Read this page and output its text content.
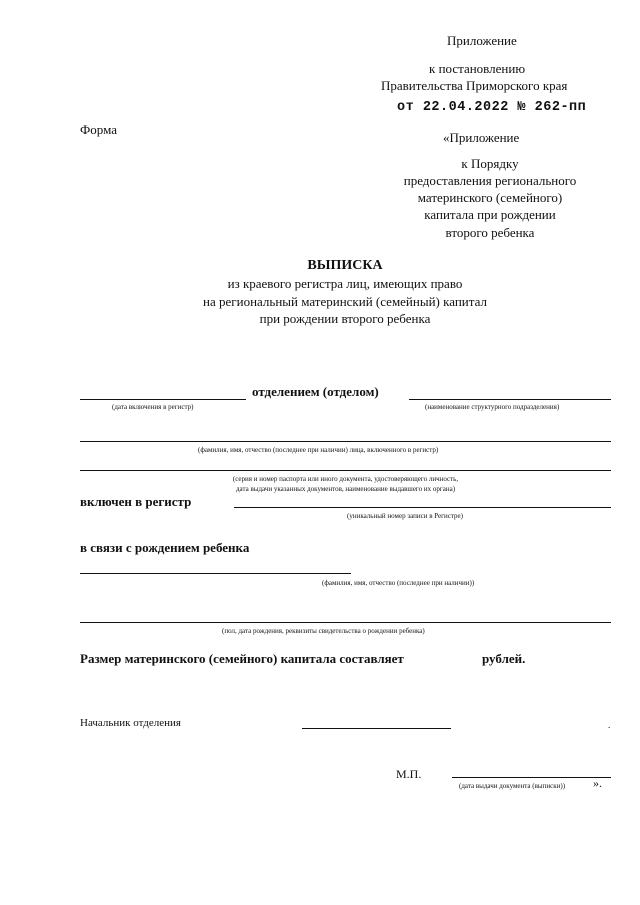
Приложение
к постановлению
Правительства Приморского края
от 22.04.2022 № 262-пп
Форма
«Приложение
к Порядку
предоставления регионального
материнского (семейного)
капитала при рождении
второго ребенка
ВЫПИСКА
из краевого регистра лиц, имеющих право
на региональный материнский (семейный) капитал
при рождении второго ребенка
отделением (отделом)
(дата включения в регистр)	(наименование структурного подразделения)
(фамилия, имя, отчество (последнее при наличии) лица, включенного в регистр)
(серия и номер паспорта или иного документа, удостоверяющего личность,
дата выдачи указанных документов, наименование выдавшего их органа)
включен в регистр
(уникальный номер записи в Регистре)
в связи с рождением ребенка
(фамилия, имя, отчество (последнее при наличии))
(пол, дата рождения, реквизиты свидетельства о рождении ребенка)
Размер материнского (семейного) капитала составляет	рублей.
Начальник отделения	.
М.П.
(дата выдачи документа (выписки)) ».
